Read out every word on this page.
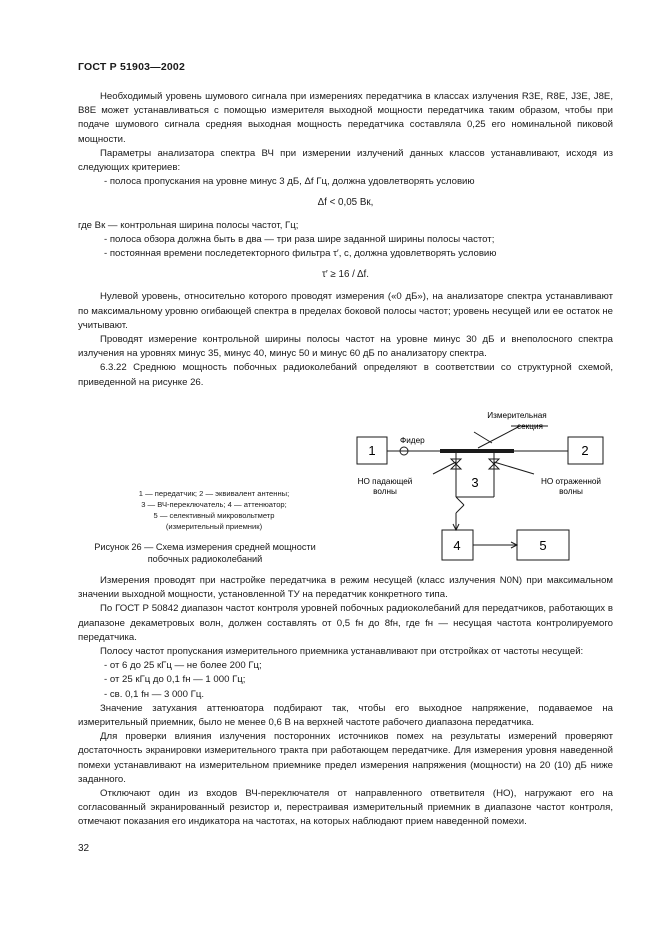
ГОСТ Р 51903—2002

Необходимый уровень шумового сигнала при измерениях передатчика в классах излучения R3E, R8E, J3E, J8E, B8E может устанавливаться с помощью измерителя выходной мощности передатчика таким образом, чтобы при подаче шумового сигнала средняя выходная мощность передатчика составляла 0,25 его номинальной пиковой мощности.

Параметры анализатора спектра ВЧ при измерении излучений данных классов устанавливают, исходя из следующих критериев:

- полоса пропускания на уровне минус 3 дБ, Δf Гц, должна удовлетворять условию

Δf < 0,05 Bк,

где Bк — контрольная ширина полосы частот, Гц;

- полоса обзора должна быть в два — три раза шире заданной ширины полосы частот;

- постоянная времени последетекторного фильтра τ′, с, должна удовлетворять условию

τ′ ≥ 16 / Δf.

Нулевой уровень, относительно которого проводят измерения («0 дБ»), на анализаторе спектра устанавливают по максимальному уровню огибающей спектра в пределах боковой полосы частот; уровень несущей или ее остаток не учитывают.

Проводят измерение контрольной ширины полосы частот на уровне минус 30 дБ и внеполосного спектра излучения на уровнях минус 35, минус 40, минус 50 и минус 60 дБ по анализатору спектра.

6.3.22 Среднюю мощность побочных радиоколебаний определяют в соответствии со структурной схемой, приведенной на рисунке 26.

1	2
3
4	5
Фидер
Измерительная
секция
НО падающей
волны
НО отраженной
волны
1 — передатчик; 2 — эквивалент антенны;
3 — ВЧ-переключатель; 4 — аттенюатор;
5 — селективный микровольтметр
(измерительный приемник)
Рисунок 26 — Схема измерения средней мощности
побочных радиоколебаний

Измерения проводят при настройке передатчика в режим несущей (класс излучения N0N) при максимальном значении выходной мощности, установленной ТУ на передатчик конкретного типа.

По ГОСТ Р 50842 диапазон частот контроля уровней побочных радиоколебаний для передатчиков, работающих в диапазоне декаметровых волн, должен составлять от 0,5 fн до 8fн, где fн — несущая частота контролируемого передатчика.

Полосу частот пропускания измерительного приемника устанавливают при отстройках от частоты несущей:

- от 6 до 25 кГц — не более 200 Гц;

- от 25 кГц до 0,1 fн — 1 000 Гц;

- св. 0,1 fн — 3 000 Гц.

Значение затухания аттенюатора подбирают так, чтобы его выходное напряжение, подаваемое на измерительный приемник, было не менее 0,6 В на верхней частоте рабочего диапазона передатчика.

Для проверки влияния излучения посторонних источников помех на результаты измерений проверяют достаточность экранировки измерительного тракта при работающем передатчике. Для измерения уровня наведенной помехи устанавливают на измерительном приемнике предел измерения напряжения (мощности) на 20 (10) дБ ниже заданного.

Отключают один из входов ВЧ-переключателя от направленного ответвителя (НО), нагружают его на согласованный экранированный резистор и, перестраивая измерительный приемник в диапазоне частот контроля, отмечают показания его индикатора на частотах, на которых наблюдают прием наведенной помехи.

32
